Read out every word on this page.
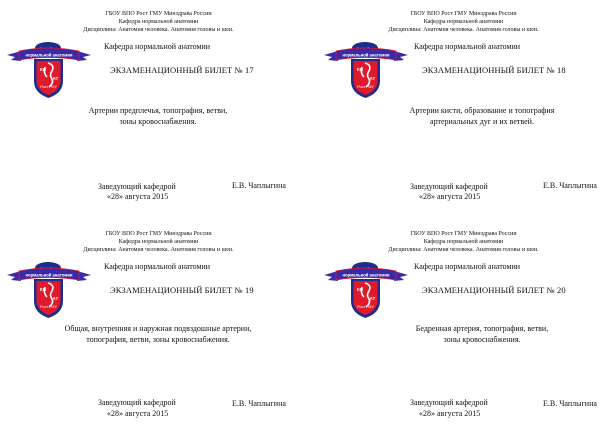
ГБОУ ВПО Рост ГМУ Минздрава России
Кафедра нормальной анатомии
Дисциплина: Анатомия человека. Анатомия головы и шеи.
нормальной анатомии
КН
АТ
Рост ГМУ
Кафедра нормальной анатомии
ЭКЗАМЕНАЦИОННЫЙ БИЛЕТ № 17
Артерии предплечья, топография, ветви,
зоны кровоснабжения.
Заведующий кафедрой
«28» августа 2015
Е.В. Чаплыгина
ГБОУ ВПО Рост ГМУ Минздрава России
Кафедра нормальной анатомии
Дисциплина: Анатомия человека. Анатомия головы и шеи.
нормальной анатомии
КН
АТ
Рост ГМУ
Кафедра нормальной анатомии
ЭКЗАМЕНАЦИОННЫЙ БИЛЕТ № 18
Артерии кисти, образование и топография
артериальных дуг и их ветвей.
Заведующий кафедрой
«28» августа 2015
Е.В. Чаплыгина
ГБОУ ВПО Рост ГМУ Минздрава России
Кафедра нормальной анатомии
Дисциплина: Анатомия человека. Анатомия головы и шеи.
нормальной анатомии
КН
АТ
Рост ГМУ
Кафедра нормальной анатомии
ЭКЗАМЕНАЦИОННЫЙ БИЛЕТ № 19
Общая, внутренняя и наружная подвздошные артерии,
топография, ветви, зоны кровоснабжения.
Заведующий кафедрой
«28» августа 2015
Е.В. Чаплыгина
ГБОУ ВПО Рост ГМУ Минздрава России
Кафедра нормальной анатомии
Дисциплина: Анатомия человека. Анатомия головы и шеи.
нормальной анатомии
КН
АТ
Рост ГМУ
Кафедра нормальной анатомии
ЭКЗАМЕНАЦИОННЫЙ БИЛЕТ № 20
Бедренная артерия, топография, ветви,
зоны кровоснабжения.
Заведующий кафедрой
«28» августа 2015
Е.В. Чаплыгина
